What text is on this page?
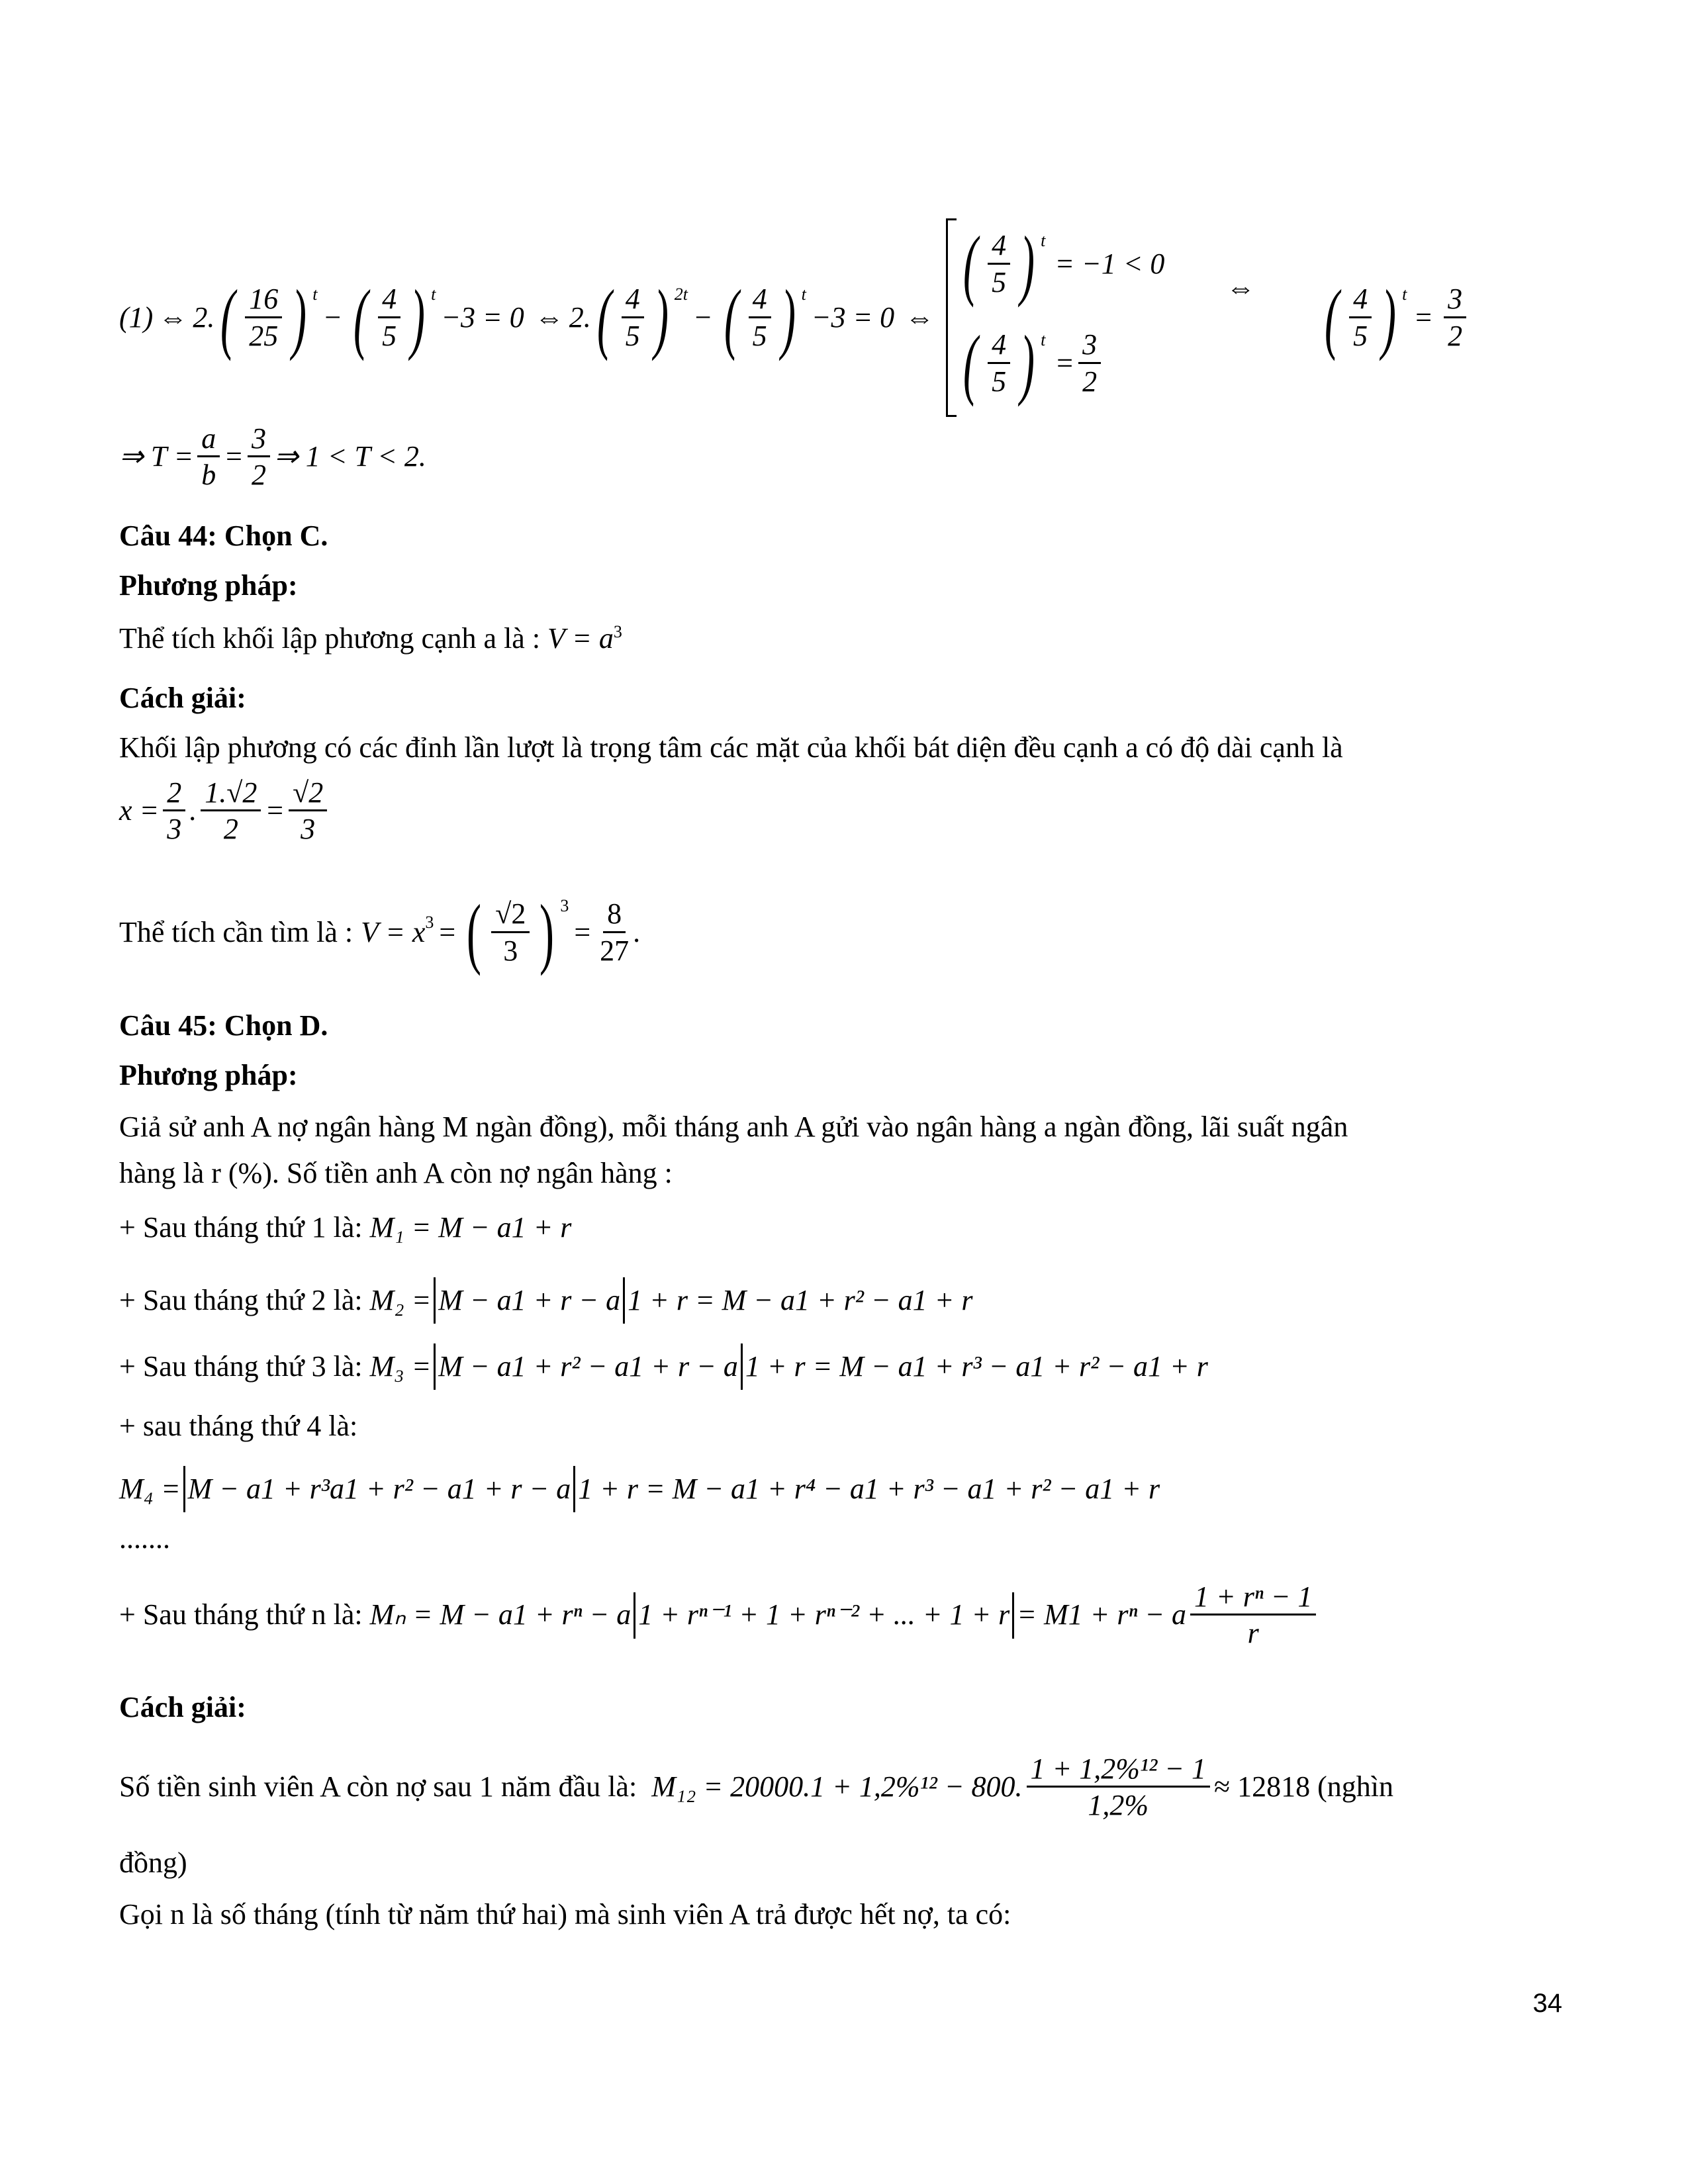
(1) ⇔ 2. ( $\frac{16}{25}$ ) $^t$
− ( $\frac{4}{5}$ ) $^t$
−3 = 0 ⇔ 2. ( $\frac{4}{5}$ ) $^{2t}$
− ( $\frac{4}{5}$ ) $^t$
−3 = 0 ⇔
( $\frac{4}{5}$ ) $^t$
= −1 < 0
( $\frac{4}{5}$ ) $^t$
= $\frac{3}{2}$
⇔ ( $\frac{4}{5}$ ) $^t$
= $\frac{3}{2}$
⇒ $T = \frac{a}{b} = \frac{3}{2}$ ⇒ 1 < T < 2.
Câu 44: Chọn C.
Phương pháp:
Thể tích khối lập phương cạnh a là : $V = a^3$
Cách giải:
Khối lập phương có các đỉnh lần lượt là trọng tâm các mặt của khối bát diện đều cạnh a có độ dài cạnh là
$x = \frac{2}{3}$ . $\frac{1.√2}{2} = \frac{√2}{3}$
Thể tích cần tìm là : $V = x^3$ = ( $\frac{√2}{3}$ ) $^3$
= $\frac{8}{27}$ .
Câu 45: Chọn D.
Phương pháp:
Giả sử anh A nợ ngân hàng M ngàn đồng), mỗi tháng anh A gửi vào ngân hàng a ngàn đồng, lãi suất ngân
hàng là r (%). Số tiền anh A còn nợ ngân hàng :
+ Sau tháng thứ 1 là: M₁ = M − a1 + r
+ Sau tháng thứ 2 là:
M₂ = M − a1 + r − a 1 + r = M − a1 + r² − a1 + r
+ Sau tháng thứ 3 là:
M₃ = M − a1 + r² − a1 + r − a 1 + r = M − a1 + r³ − a1 + r² − a1 + r
+ sau tháng thứ 4 là:
M₄ = M − a1 + r³a1 + r² − a1 + r − a 1 + r = M − a1 + r⁴ − a1 + r³ − a1 + r² − a1 + r
.......
+ Sau tháng thứ n là:
Mₙ = M − a1 + rⁿ − a 1 + rⁿ⁻¹ + 1 + rⁿ⁻² + ... + 1 + r = M1 + rⁿ − a $\frac{\text{1 + rⁿ − 1}}{r}$
Cách giải:
Số tiền sinh viên A còn nợ sau 1 năm đầu là:
M₁₂ = 20000.1 + 1,2%¹² − 800. $\frac{\text{1 + 1,2\%¹² − 1}}{1,2\%} \approx 12818$ (nghìn
đồng)
Gọi n là số tháng (tính từ năm thứ hai) mà sinh viên A trả được hết nợ, ta có:
34
